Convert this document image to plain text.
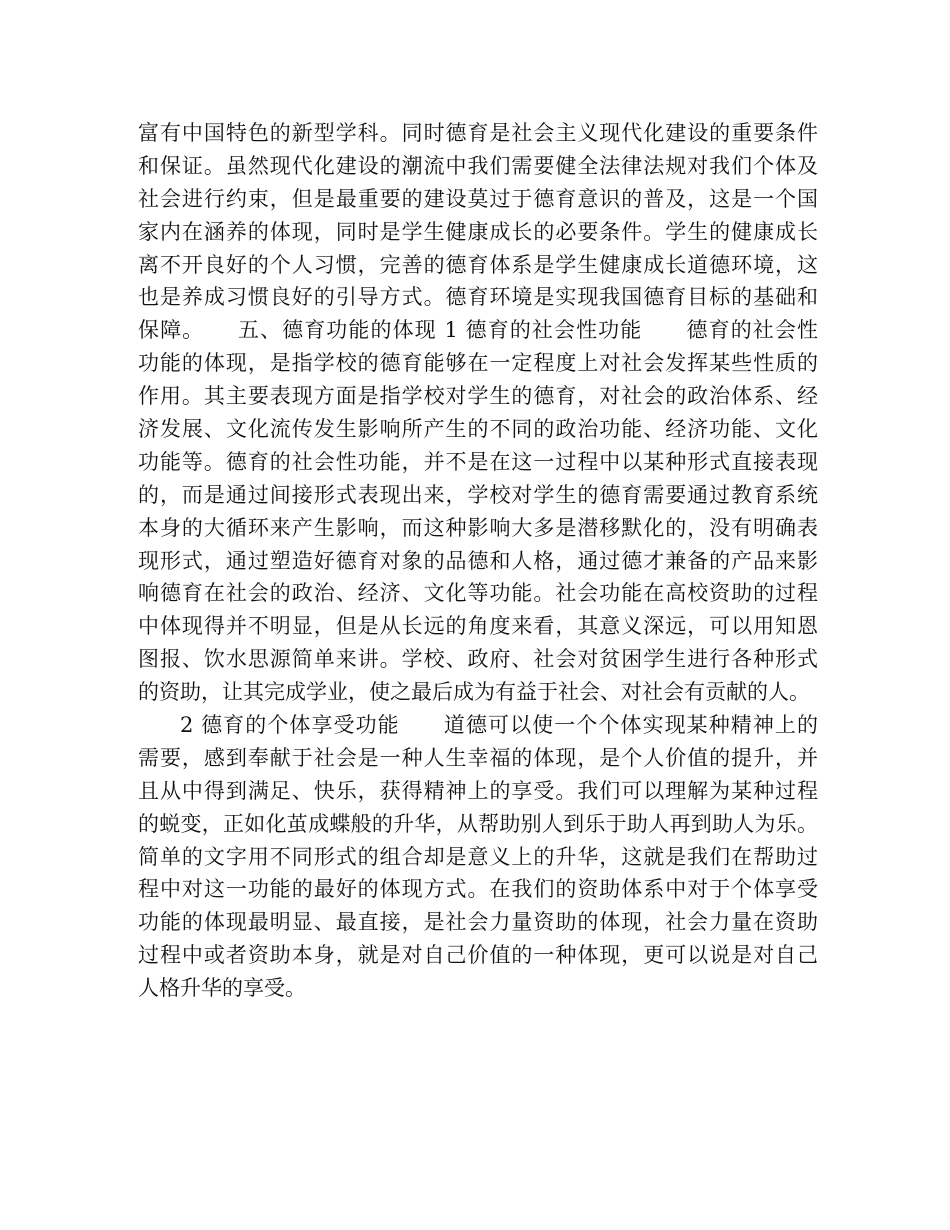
富有中国特色的新型学科。同时德育是社会主义现代化建设的重要条件
和保证。虽然现代化建设的潮流中我们需要健全法律法规对我们个体及
社会进行约束，但是最重要的建设莫过于德育意识的普及，这是一个国
家内在涵养的体现，同时是学生健康成长的必要条件。学生的健康成长
离不开良好的个人习惯，完善的德育体系是学生健康成长道德环境，这
也是养成习惯良好的引导方式。德育环境是实现我国德育目标的基础和
保障。　　五、德育功能的体现 1 德育的社会性功能　　德育的社会性
功能的体现，是指学校的德育能够在一定程度上对社会发挥某些性质的
作用。其主要表现方面是指学校对学生的德育，对社会的政治体系、经
济发展、文化流传发生影响所产生的不同的政治功能、经济功能、文化
功能等。德育的社会性功能，并不是在这一过程中以某种形式直接表现
的，而是通过间接形式表现出来，学校对学生的德育需要通过教育系统
本身的大循环来产生影响，而这种影响大多是潜移默化的，没有明确表
现形式，通过塑造好德育对象的品德和人格，通过德才兼备的产品来影
响德育在社会的政治、经济、文化等功能。社会功能在高校资助的过程
中体现得并不明显，但是从长远的角度来看，其意义深远，可以用知恩
图报、饮水思源简单来讲。学校、政府、社会对贫困学生进行各种形式
的资助，让其完成学业，使之最后成为有益于社会、对社会有贡献的人。
2 德育的个体享受功能　　道德可以使一个个体实现某种精神上的
需要，感到奉献于社会是一种人生幸福的体现，是个人价值的提升，并
且从中得到满足、快乐，获得精神上的享受。我们可以理解为某种过程
的蜕变，正如化茧成蝶般的升华，从帮助别人到乐于助人再到助人为乐。
简单的文字用不同形式的组合却是意义上的升华，这就是我们在帮助过
程中对这一功能的最好的体现方式。在我们的资助体系中对于个体享受
功能的体现最明显、最直接，是社会力量资助的体现，社会力量在资助
过程中或者资助本身，就是对自己价值的一种体现，更可以说是对自己
人格升华的享受。
